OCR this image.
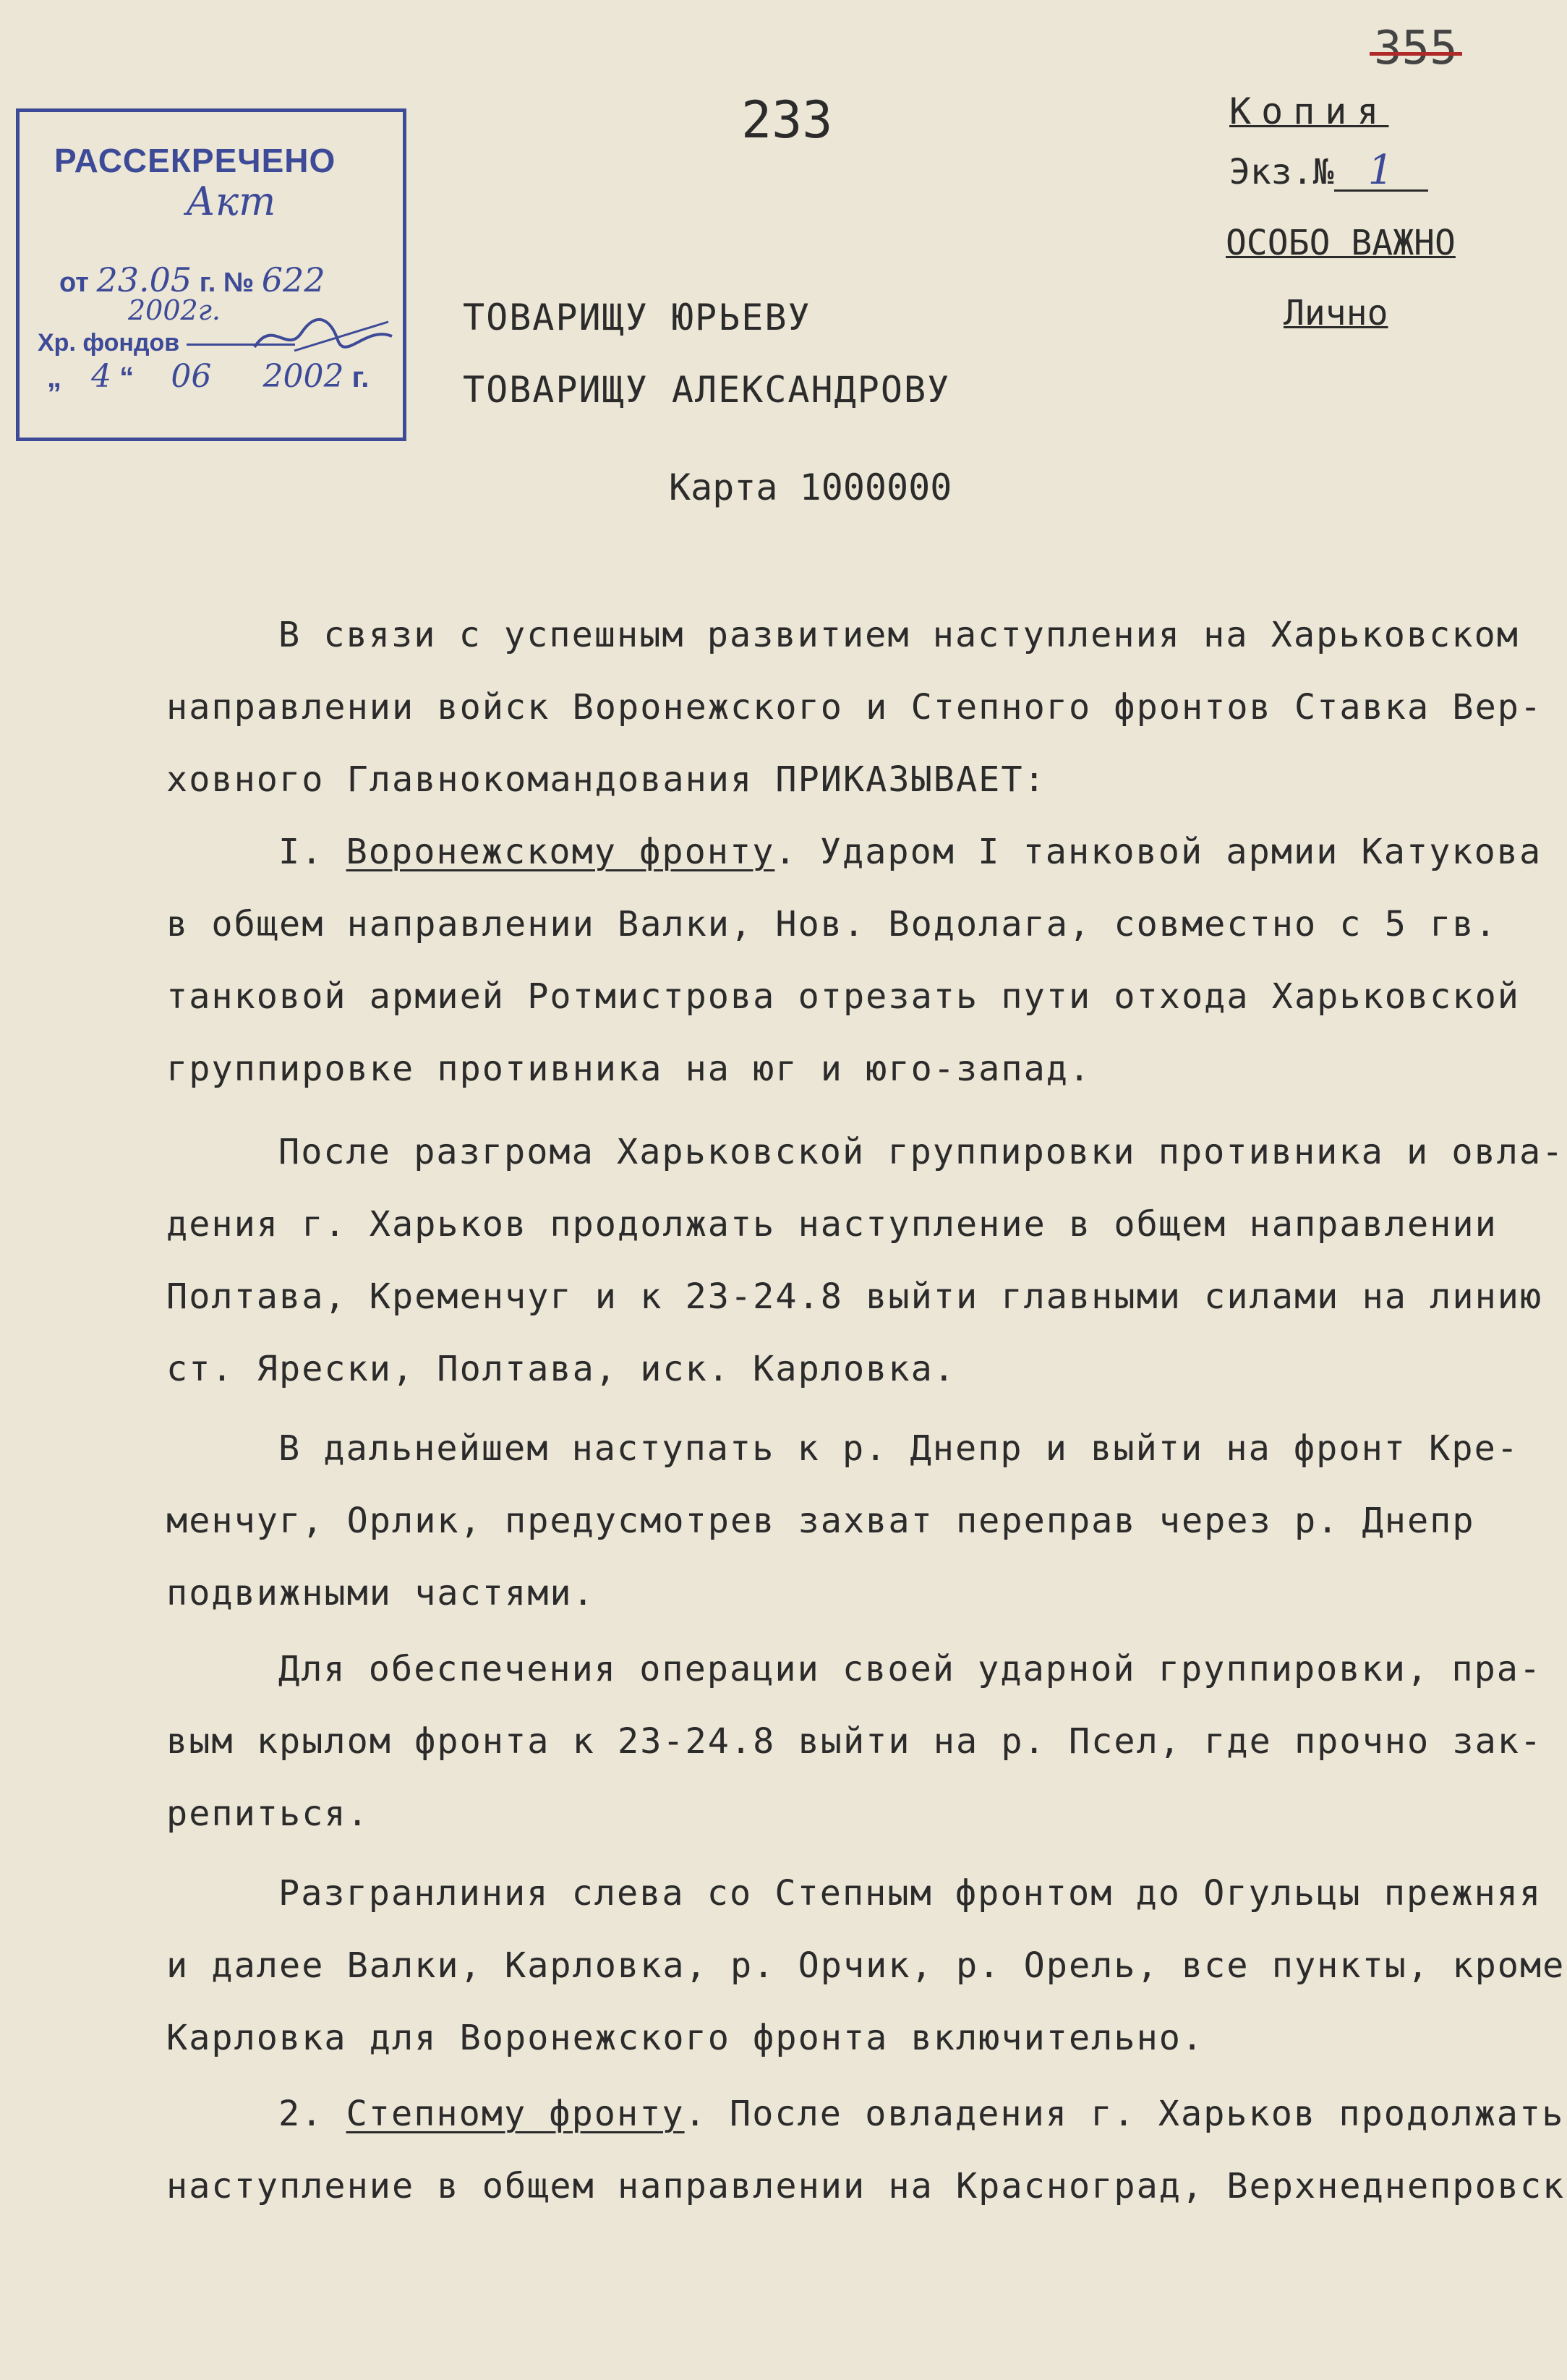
РАССЕКРЕЧЕНО
Акт
от 23.05 г. № 622
2002г.
Хр. фондов
„ 4 “ 06 2002 г.
233
355
Копия
Экз.№ 1
ОСОБО ВАЖНО
Лично
ТОВАРИЩУ ЮРЬЕВУ
ТОВАРИЩУ АЛЕКСАНДРОВУ
Карта 1000000
В связи с успешным развитием наступления на Харьковском
направлении войск Воронежского и Степного фронтов Ставка Вер-
ховного Главнокомандования ПРИКАЗЫВАЕТ:
I. Воронежскому фронту. Ударом I танковой армии Катукова
в общем направлении Валки, Нов. Водолага, совместно с 5 гв.
танковой армией Ротмистрова отрезать пути отхода Харьковской
группировке противника на юг и юго-запад.
После разгрома Харьковской группировки противника и овла-
дения г. Харьков продолжать наступление в общем направлении
Полтава, Кременчуг и к 23-24.8 выйти главными силами на линию
ст. Ярески, Полтава, иск. Карловка.
В дальнейшем наступать к р. Днепр и выйти на фронт Кре-
менчуг, Орлик, предусмотрев захват переправ через р. Днепр
подвижными частями.
Для обеспечения операции своей ударной группировки, пра-
вым крылом фронта к 23-24.8 выйти на р. Псел, где прочно зак-
репиться.
Разгранлиния слева со Степным фронтом до Огульцы прежняя
и далее Валки, Карловка, р. Орчик, р. Орель, все пункты, кроме
Карловка для Воронежского фронта включительно.
2. Степному фронту. После овладения г. Харьков продолжать
наступление в общем направлении на Красноград, Верхнеднепровск
